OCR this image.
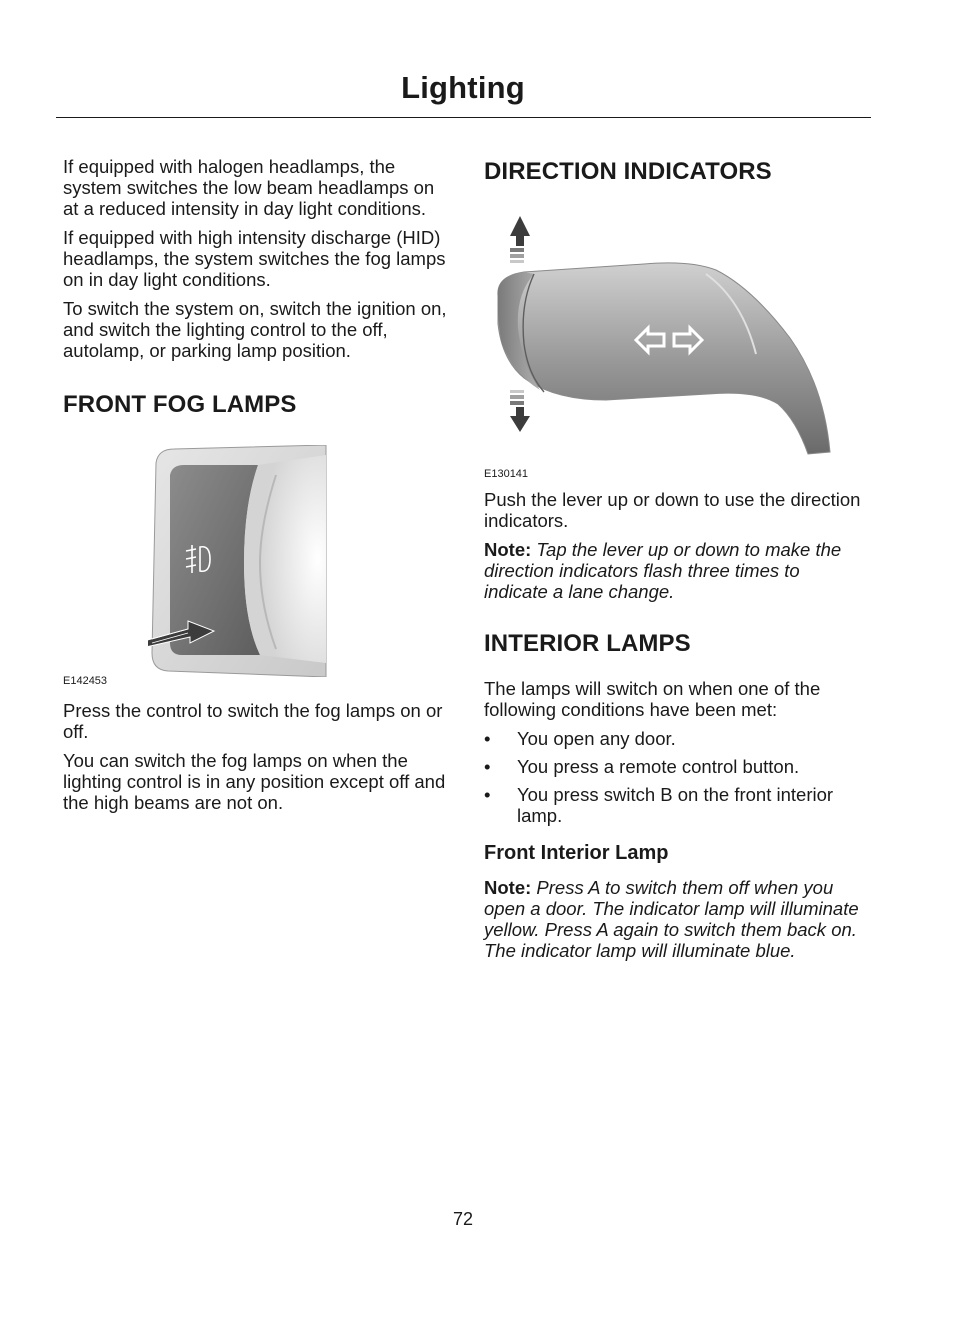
Lighting

If equipped with halogen headlamps, the system switches the low beam headlamps on at a reduced intensity in day light conditions.

If equipped with high intensity discharge (HID) headlamps, the system switches the fog lamps on in day light conditions.

To switch the system on, switch the ignition on, and switch the lighting control to the off, autolamp, or parking lamp position.

FRONT FOG LAMPS
E142453

Press the control to switch the fog lamps on or off.

You can switch the fog lamps on when the lighting control is in any position except off and the high beams are not on.

DIRECTION INDICATORS
E130141

Push the lever up or down to use the direction indicators.

Note: Tap the lever up or down to make the direction indicators flash three times to indicate a lane change.

INTERIOR LAMPS

The lamps will switch on when one of the following conditions have been met:

• You open any door.
• You press a remote control button.
• You press switch B on the front interior lamp.
Front Interior Lamp

Note: Press A to switch them off when you open a door. The indicator lamp will illuminate yellow. Press A again to switch them back on. The indicator lamp will illuminate blue.

72
